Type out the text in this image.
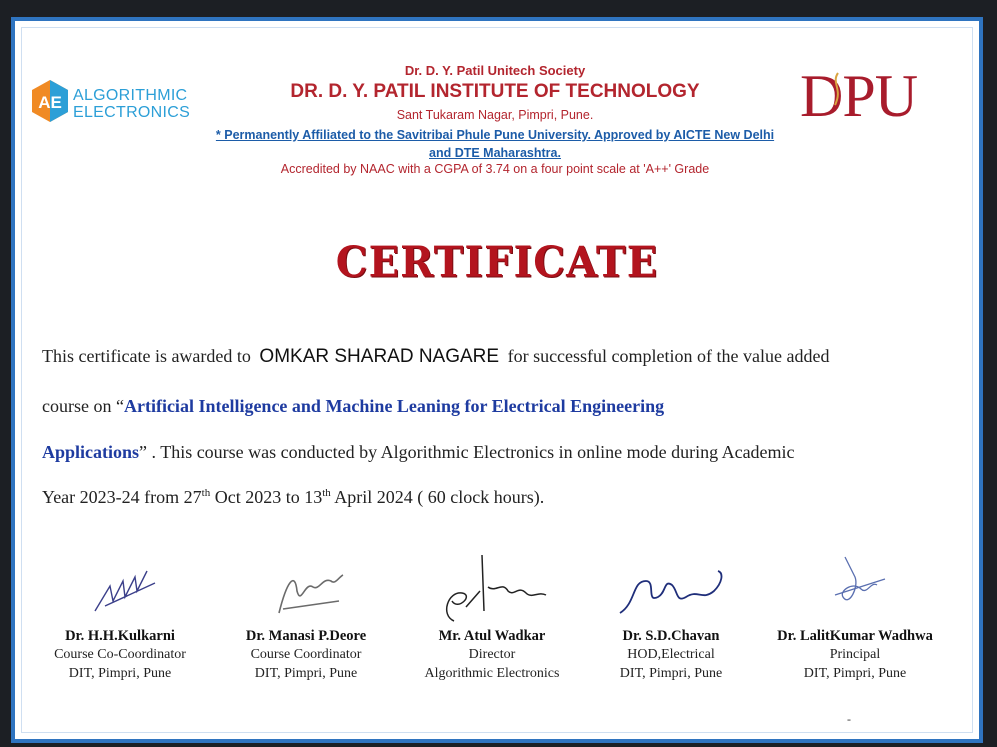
AE ALGORITHMIC
ELECTRONICS
Dr. D. Y. Patil Unitech Society
DR. D. Y. PATIL INSTITUTE OF TECHNOLOGY
Sant Tukaram Nagar, Pimpri, Pune.
* Permanently Affiliated to the Savitribai Phule Pune University. Approved by AICTE New Delhi and DTE Maharashtra.
Accredited by NAAC with a CGPA of 3.74 on a four point scale at 'A++' Grade
DPU
CERTIFICATE
This certificate is awarded to OMKAR SHARAD NAGARE for successful completion of the value added
course on “Artificial Intelligence and Machine Leaning for Electrical Engineering
Applications” . This course was conducted by Algorithmic Electronics in online mode during Academic
Year 2023-24 from 27th Oct 2023 to 13th April 2024 ( 60 clock hours).
Dr. H.H.Kulkarni
Course Co-Coordinator
DIT, Pimpri, Pune
Dr. Manasi P.Deore
Course Coordinator
DIT, Pimpri, Pune
Mr. Atul Wadkar
Director
Algorithmic Electronics
Dr. S.D.Chavan
HOD,Electrical
DIT, Pimpri, Pune
Dr. LalitKumar Wadhwa
Principal
DIT, Pimpri, Pune
-
